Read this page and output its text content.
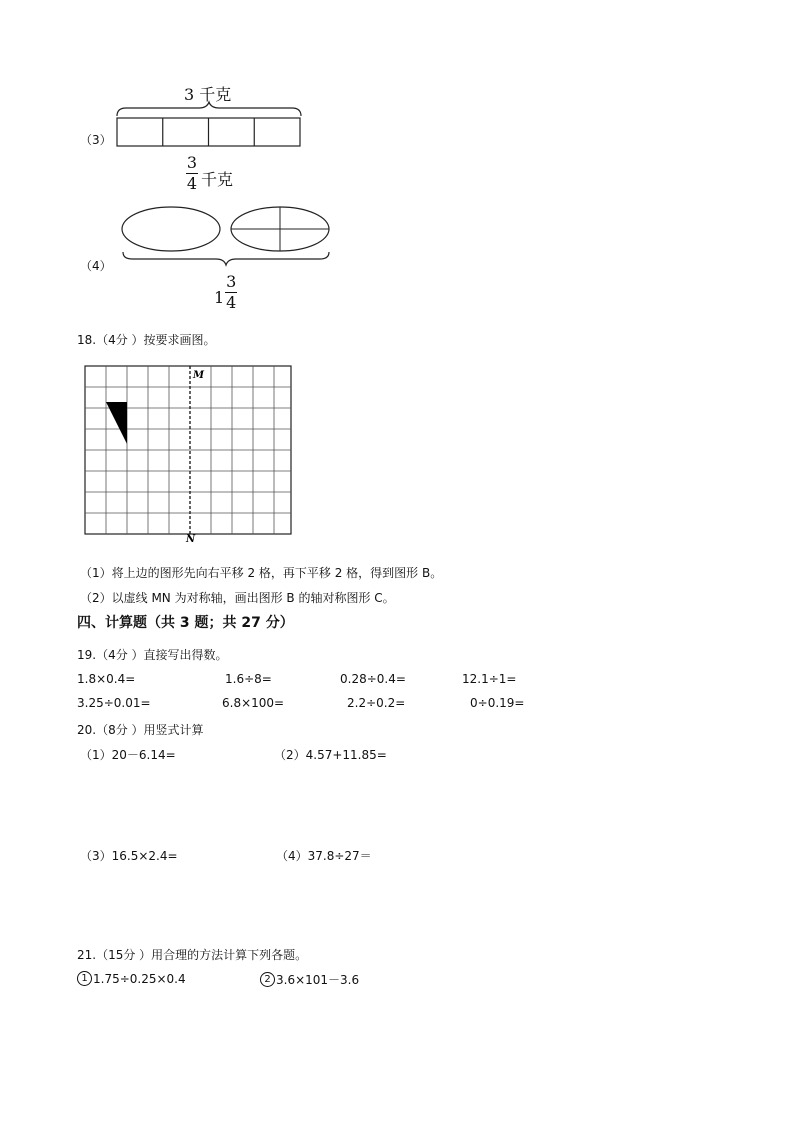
（3）
3 千克
$\frac{3}{4}$ 千克
（4）
$1 \frac{3}{4}$
18.（4分 ）按要求画图。
M
N
（1）将上边的图形先向右平移 2 格，再下平移 2 格，得到图形 B。
（2）以虚线 MN 为对称轴，画出图形 B 的轴对称图形 C。
四、计算题（共 3 题；共 27 分）
19.（4分 ）直接写出得数。
1.8×0.4=	1.6÷8=	0.28÷0.4=	12.1÷1=
3.25÷0.01=	6.8×100=	2.2÷0.2=	0÷0.19=
20.（8分 ）用竖式计算
（1）20－6.14=	（2）4.57+11.85=
（3）16.5×2.4=	（4）37.8÷27＝
21.（15分 ）用合理的方法计算下列各题。
1 1.75÷0.25×0.4	2 3.6×101－3.6
